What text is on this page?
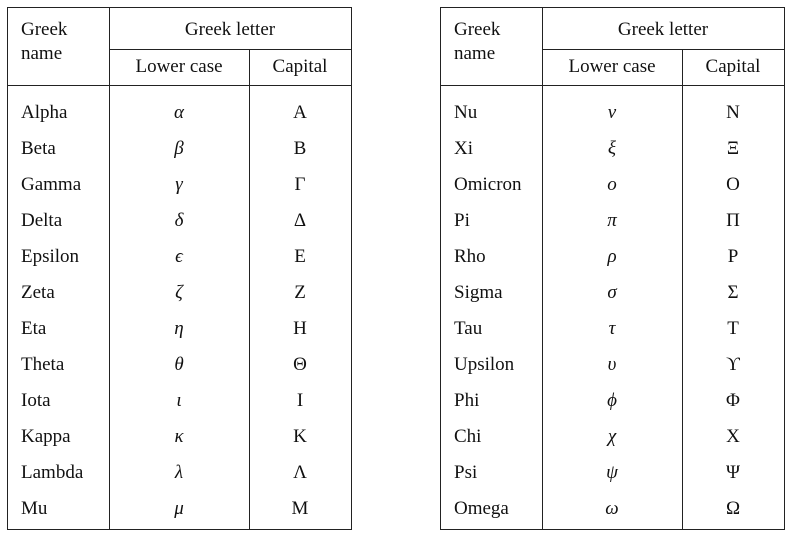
Greek
name
Greek letter
Lower case	Capital
Alpha	α	A
Beta	β	B
Gamma	γ	Γ
Delta	δ	Δ
Epsilon	ϵ	E
Zeta	ζ	Z
Eta	η	H
Theta	θ	Θ
Iota	ι	I
Kappa	κ	K
Lambda	λ	Λ
Mu	μ	M
Greek
name
Greek letter
Lower case	Capital
Nu	ν	N
Xi	ξ	Ξ
Omicron	o	O
Pi	π	Π
Rho	ρ	P
Sigma	σ	Σ
Tau	τ	T
Upsilon	υ	ϒ
Phi	ϕ	Φ
Chi	χ	X
Psi	ψ	Ψ
Omega	ω	Ω
